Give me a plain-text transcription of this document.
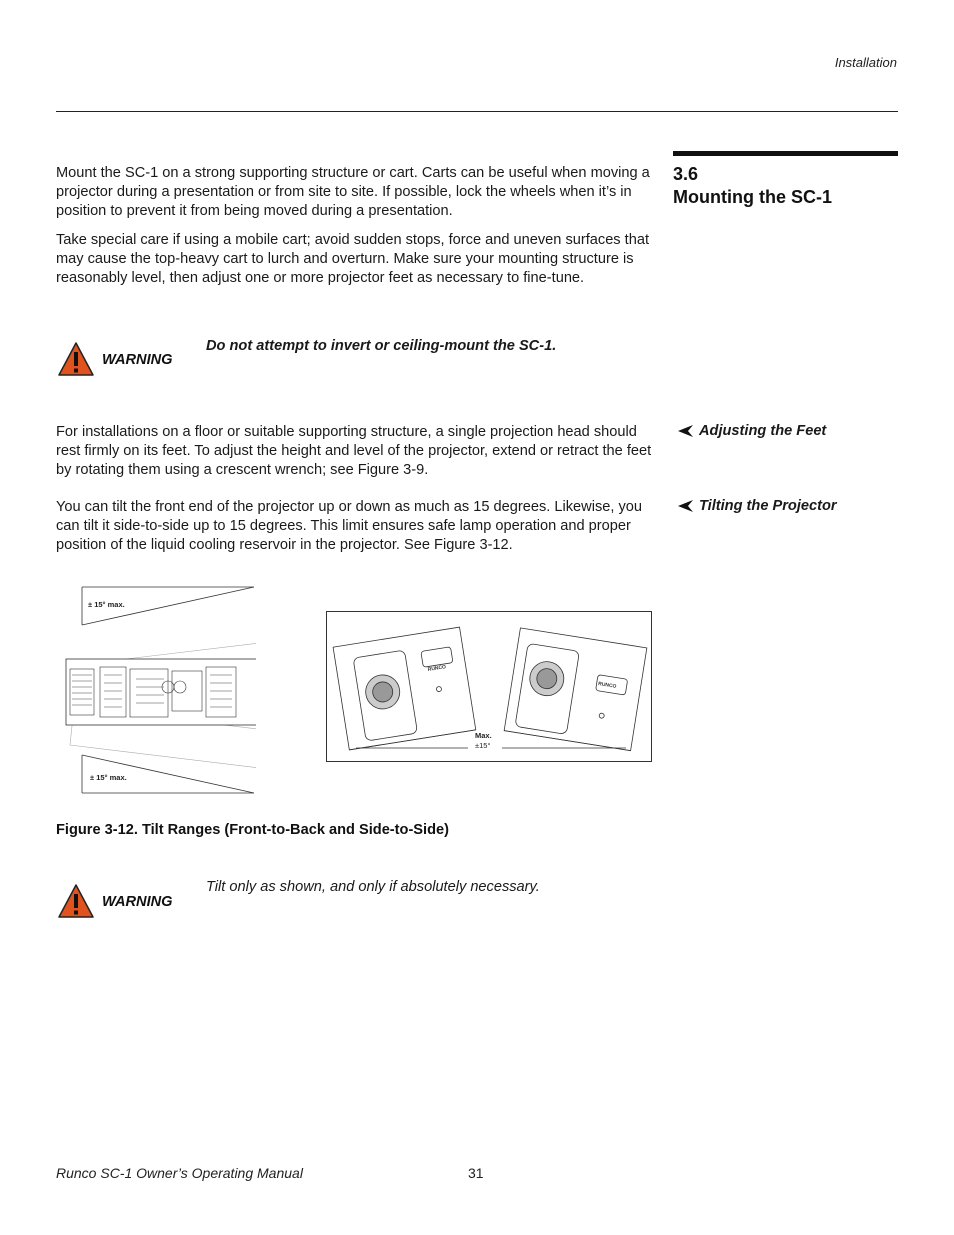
Installation
3.6
Mounting the SC-1

Mount the SC-1 on a strong supporting structure or cart. Carts can be useful when moving a projector during a presentation or from site to site. If possible, lock the wheels when it’s in position to prevent it from being moved during a presentation.

Take special care if using a mobile cart; avoid sudden stops, force and uneven surfaces that may cause the top-heavy cart to lurch and overturn. Make sure your mounting structure is reasonably level, then adjust one or more projector feet as necessary to fine-tune.

WARNING
Do not attempt to invert or ceiling-mount the SC-1.

For installations on a floor or suitable supporting structure, a single projection head should rest firmly on its feet. To adjust the height and level of the projector, extend or retract the feet by rotating them using a crescent wrench; see Figure 3-9.

You can tilt the front end of the projector up or down as much as 15 degrees. Likewise, you can tilt it side-to-side up to 15 degrees. This limit ensures safe lamp operation and proper position of the liquid cooling reservoir in the projector. See Figure 3-12.

Adjusting the Feet
Tilting the Projector
± 15° max.
± 15° max.
RUNCO
RUNCO
Max.
±15°
Figure 3-12. Tilt Ranges (Front-to-Back and Side-to-Side)
WARNING
Tilt only as shown, and only if absolutely necessary.
Runco SC-1 Owner’s Operating Manual	31
